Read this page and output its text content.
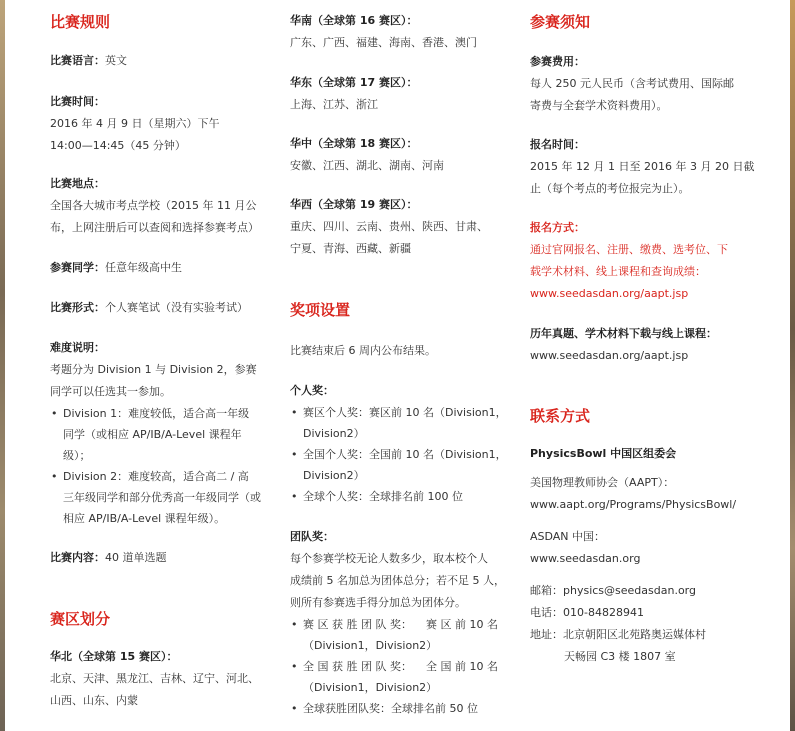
比赛规则
比赛语言：英文
比赛时间：
2016 年 4 月 9 日（星期六）下午
14:00—14:45（45 分钟）
比赛地点：
全国各大城市考点学校（2015 年 11 月公
布，上网注册后可以查阅和选择参赛考点）
参赛同学：任意年级高中生
比赛形式：个人赛笔试（没有实验考试）
难度说明：
考题分为 Division 1 与 Division 2，参赛
同学可以任选其一参加。
• Division 1：难度较低，适合高一年级
同学（或相应 AP/IB/A-Level 课程年
级）；
• Division 2：难度较高，适合高二 / 高
三年级同学和部分优秀高一年级同学（或
相应 AP/IB/A-Level 课程年级）。
比赛内容：40 道单选题
赛区划分
华北（全球第 15 赛区）：
北京、天津、黑龙江、吉林、辽宁、河北、
山西、山东、内蒙
华南（全球第 16 赛区）：
广东、广西、福建、海南、香港、澳门
华东（全球第 17 赛区）：
上海、江苏、浙江
华中（全球第 18 赛区）：
安徽、江西、湖北、湖南、河南
华西（全球第 19 赛区）：
重庆、四川、云南、贵州、陕西、甘肃、
宁夏、青海、西藏、新疆
奖项设置
比赛结束后 6 周内公布结果。
个人奖：
• 赛区个人奖：赛区前 10 名（Division1，
Division2）
• 全国个人奖：全国前 10 名（Division1，
Division2）
• 全球个人奖：全球排名前 100 位
团队奖：
每个参赛学校无论人数多少，取本校个人
成绩前 5 名加总为团体总分；若不足 5 人，
则所有参赛选手得分加总为团体分。
• 赛 区 获 胜 团 队 奖：    赛 区 前 10 名
（Division1，Division2）
• 全 国 获 胜 团 队 奖：    全 国 前 10 名
（Division1，Division2）
• 全球获胜团队奖：全球排名前 50 位
参赛须知
参赛费用：
每人 250 元人民币（含考试费用、国际邮
寄费与全套学术资料费用）。
报名时间：
2015 年 12 月 1 日至 2016 年 3 月 20 日截
止（每个考点的考位报完为止）。
报名方式：
通过官网报名、注册、缴费、选考位、下
载学术材料、线上课程和查询成绩：
www.seedasdan.org/aapt.jsp
历年真题、学术材料下载与线上课程：
www.seedasdan.org/aapt.jsp
联系方式
PhysicsBowl 中国区组委会
美国物理教师协会（AAPT）：
www.aapt.org/Programs/PhysicsBowl/
ASDAN 中国：
www.seedasdan.org
邮箱：physics@seedasdan.org
电话：010-84828941
地址：北京朝阳区北苑路奥运媒体村
天畅园 C3 楼 1807 室
